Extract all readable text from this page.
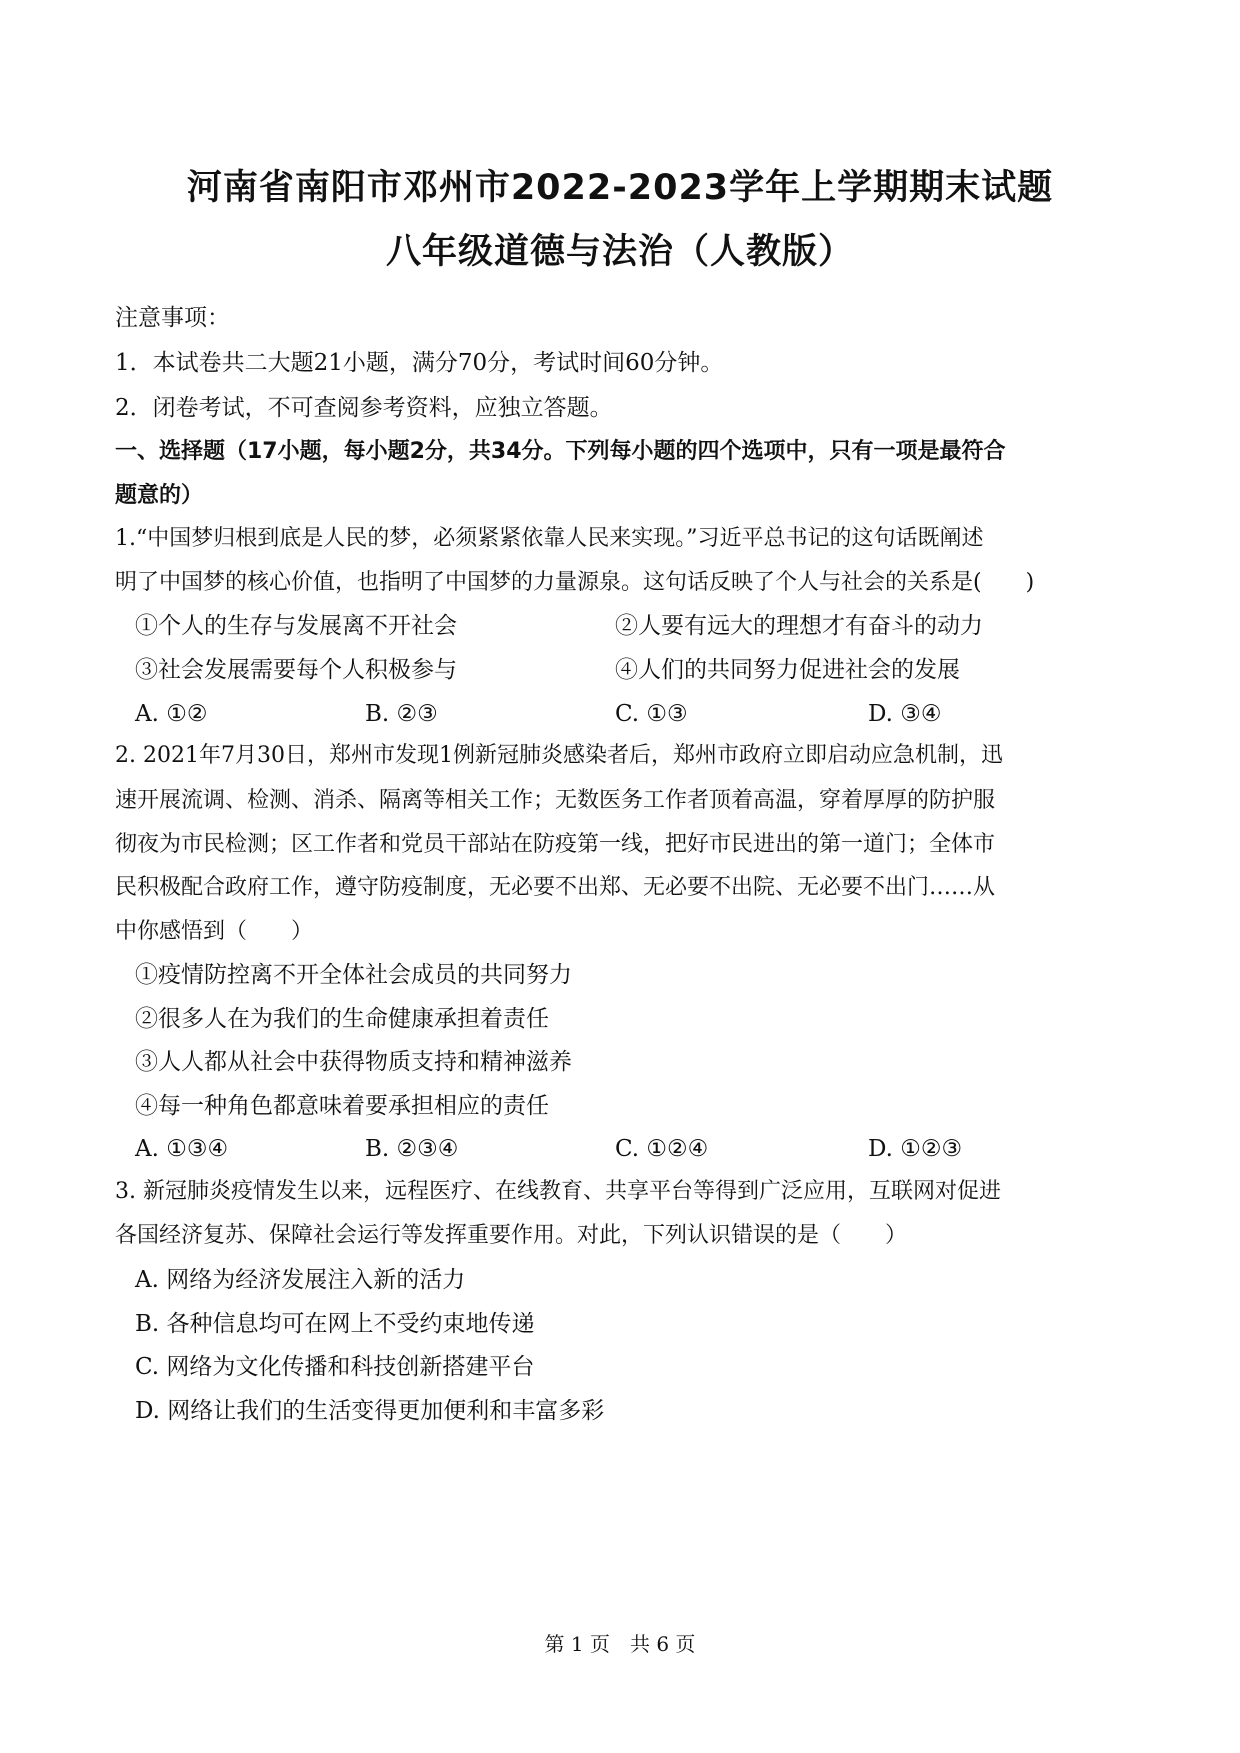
河南省南阳市邓州市2022-2023学年上学期期末试题
八年级道德与法治（人教版）
注意事项：
1．本试卷共二大题21小题，满分70分，考试时间60分钟。
2．闭卷考试，不可查阅参考资料，应独立答题。
一、选择题（17小题，每小题2分，共34分。下列每小题的四个选项中，只有一项是最符合
题意的）
1.“中国梦归根到底是人民的梦，必须紧紧依靠人民来实现。”习近平总书记的这句话既阐述
明了中国梦的核心价值，也指明了中国梦的力量源泉。这句话反映了个人与社会的关系是(　　)
①个人的生存与发展离不开社会	②人要有远大的理想才有奋斗的动力
③社会发展需要每个人积极参与	④人们的共同努力促进社会的发展
A. ①②	B. ②③	C. ①③	D. ③④
2. 2021年7月30日，郑州市发现1例新冠肺炎感染者后，郑州市政府立即启动应急机制，迅
速开展流调、检测、消杀、隔离等相关工作；无数医务工作者顶着高温，穿着厚厚的防护服
彻夜为市民检测；区工作者和党员干部站在防疫第一线，把好市民进出的第一道门；全体市
民积极配合政府工作，遵守防疫制度，无必要不出郑、无必要不出院、无必要不出门……从
中你感悟到（　　）
①疫情防控离不开全体社会成员的共同努力
②很多人在为我们的生命健康承担着责任
③人人都从社会中获得物质支持和精神滋养
④每一种角色都意味着要承担相应的责任
A. ①③④	B. ②③④	C. ①②④	D. ①②③
3. 新冠肺炎疫情发生以来，远程医疗、在线教育、共享平台等得到广泛应用，互联网对促进
各国经济复苏、保障社会运行等发挥重要作用。对此，下列认识错误的是（　　）
A. 网络为经济发展注入新的活力
B. 各种信息均可在网上不受约束地传递
C. 网络为文化传播和科技创新搭建平台
D. 网络让我们的生活变得更加便利和丰富多彩
第 1 页　共 6 页
